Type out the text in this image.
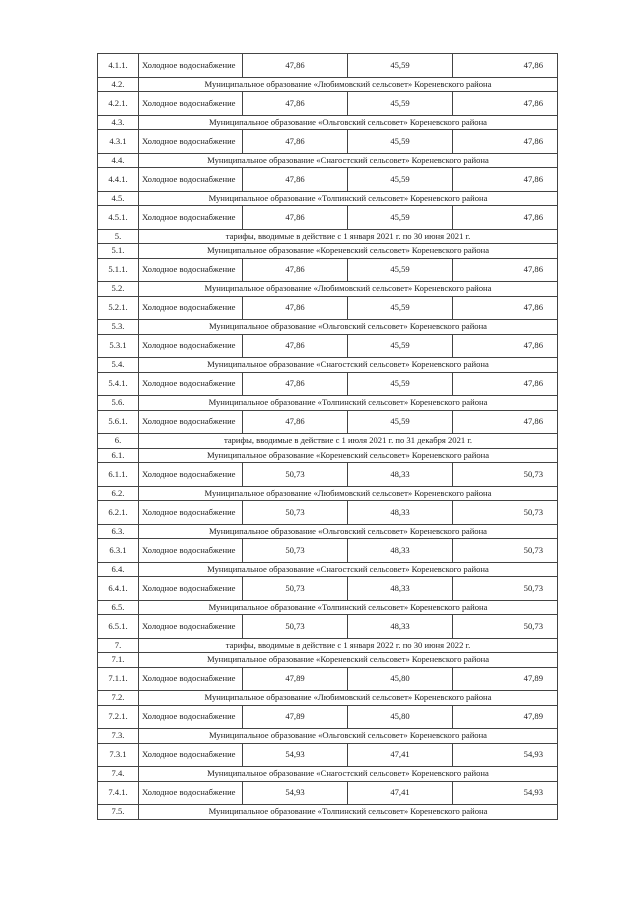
4.1.1.	Холодное водоснабжение	47,86	45,59	47,86
4.2.	Муниципальное образование «Любимовский сельсовет» Кореневского района			
4.2.1.	Холодное водоснабжение	47,86	45,59	47,86
4.3.	Муниципальное образование «Ольговский сельсовет» Кореневского района			
4.3.1	Холодное водоснабжение	47,86	45,59	47,86
4.4.	Муниципальное образование «Снагостский сельсовет» Кореневского района			
4.4.1.	Холодное водоснабжение	47,86	45,59	47,86
4.5.	Муниципальное образование «Толпинский сельсовет» Кореневского района			
4.5.1.	Холодное водоснабжение	47,86	45,59	47,86
5.	тарифы, вводимые в действие с 1 января 2021 г. по 30 июня 2021 г.			
5.1.	Муниципальное образование «Кореневский сельсовет» Кореневского района			
5.1.1.	Холодное водоснабжение	47,86	45,59	47,86
5.2.	Муниципальное образование «Любимовский сельсовет» Кореневского района			
5.2.1.	Холодное водоснабжение	47,86	45,59	47,86
5.3.	Муниципальное образование «Ольговский сельсовет» Кореневского района			
5.3.1	Холодное водоснабжение	47,86	45,59	47,86
5.4.	Муниципальное образование «Снагостский сельсовет» Кореневского района			
5.4.1.	Холодное водоснабжение	47,86	45,59	47,86
5.6.	Муниципальное образование «Толпинский сельсовет» Кореневского района			
5.6.1.	Холодное водоснабжение	47,86	45,59	47,86
6.	тарифы, вводимые в действие с 1 июля 2021 г. по 31 декабря 2021 г.			
6.1.	Муниципальное образование «Кореневский сельсовет» Кореневского района			
6.1.1.	Холодное водоснабжение	50,73	48,33	50,73
6.2.	Муниципальное образование «Любимовский сельсовет» Кореневского района			
6.2.1.	Холодное водоснабжение	50,73	48,33	50,73
6.3.	Муниципальное образование «Ольговский сельсовет» Кореневского района			
6.3.1	Холодное водоснабжение	50,73	48,33	50,73
6.4.	Муниципальное образование «Снагостский сельсовет» Кореневского района			
6.4.1.	Холодное водоснабжение	50,73	48,33	50,73
6.5.	Муниципальное образование «Толпинский сельсовет» Кореневского района			
6.5.1.	Холодное водоснабжение	50,73	48,33	50,73
7.	тарифы, вводимые в действие с 1 января 2022 г. по 30 июня 2022 г.			
7.1.	Муниципальное образование «Кореневский сельсовет» Кореневского района			
7.1.1.	Холодное водоснабжение	47,89	45,80	47,89
7.2.	Муниципальное образование «Любимовский сельсовет» Кореневского района			
7.2.1.	Холодное водоснабжение	47,89	45,80	47,89
7.3.	Муниципальное образование «Ольговский сельсовет» Кореневского района			
7.3.1	Холодное водоснабжение	54,93	47,41	54,93
7.4.	Муниципальное образование «Снагостский сельсовет» Кореневского района			
7.4.1.	Холодное водоснабжение	54,93	47,41	54,93
7.5.	Муниципальное образование «Толпинский сельсовет» Кореневского района			
